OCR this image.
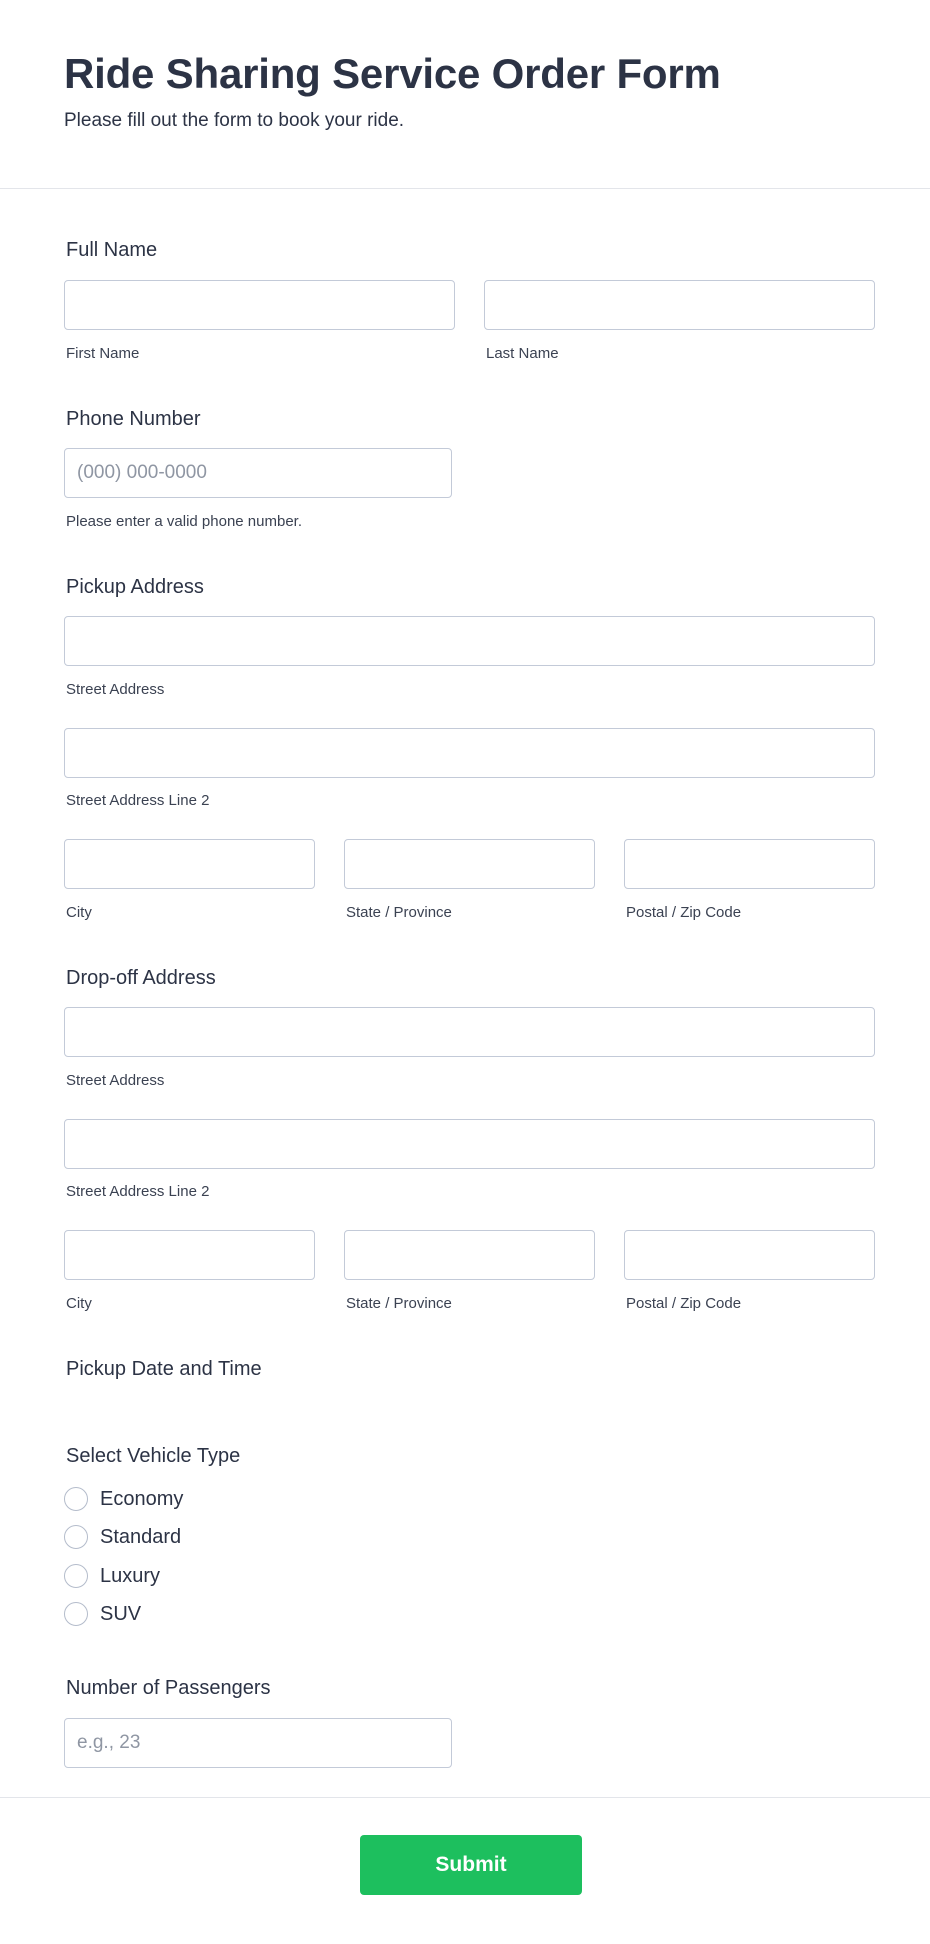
Ride Sharing Service Order Form
Please fill out the form to book your ride.
Full Name
First Name	Last Name
Phone Number
(000) 000-0000
Please enter a valid phone number.
Pickup Address
Street Address
Street Address Line 2
City	State / Province	Postal / Zip Code
Drop-off Address
Street Address
Street Address Line 2
City	State / Province	Postal / Zip Code
Pickup Date and Time
Select Vehicle Type
Economy
Standard
Luxury
SUV
Number of Passengers
e.g., 23
Submit
